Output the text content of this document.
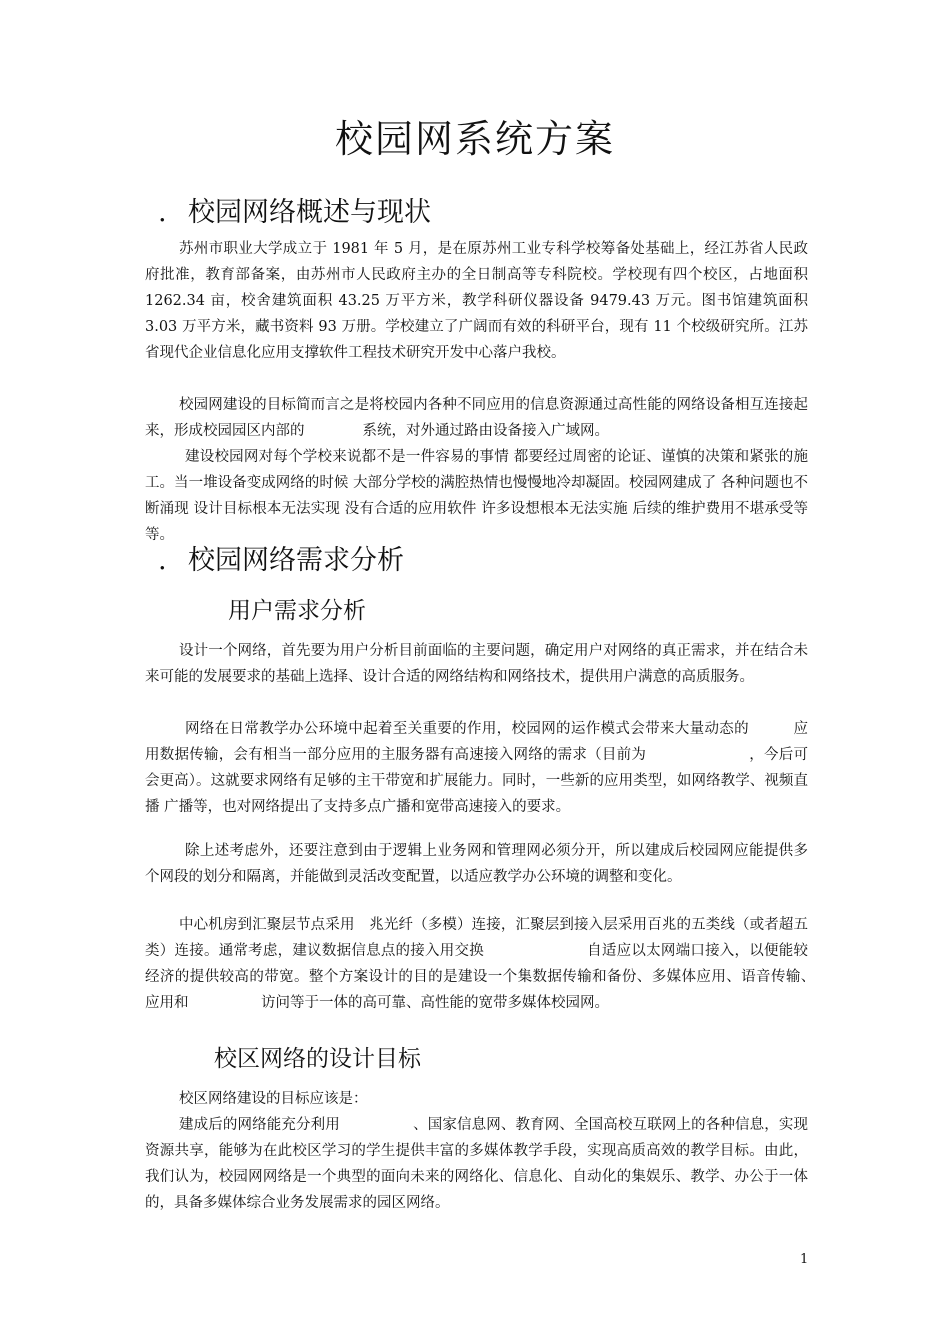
校园网系统方案
. 校园网络概述与现状

苏州市职业大学成立于 1981 年 5 月，是在原苏州工业专科学校筹备处基础上，经江苏省人民政府批准，教育部备案，由苏州市人民政府主办的全日制高等专科院校。学校现有四个校区，占地面积 1262.34 亩，校舍建筑面积 43.25 万平方米，教学科研仪器设备 9479.43 万元。图书馆建筑面积 3.03 万平方米，藏书资料 93 万册。学校建立了广阔而有效的科研平台，现有 11 个校级研究所。江苏省现代企业信息化应用支撑软件工程技术研究开发中心落户我校。

校园网建设的目标简而言之是将校园内各种不同应用的信息资源通过高性能的网络设备相互连接起来，形成校园园区内部的　　　　系统，对外通过路由设备接入广域网。

建设校园网对每个学校来说都不是一件容易的事情 都要经过周密的论证、谨慎的决策和紧张的施工。当一堆设备变成网络的时候 大部分学校的满腔热情也慢慢地冷却凝固。校园网建成了 各种问题也不断涌现 设计目标根本无法实现 没有合适的应用软件 许多设想根本无法实施 后续的维护费用不堪承受等等。

. 校园网络需求分析
用户需求分析

设计一个网络，首先要为用户分析目前面临的主要问题，确定用户对网络的真正需求，并在结合未来可能的发展要求的基础上选择、设计合适的网络结构和网络技术，提供用户满意的高质服务。

网络在日常教学办公环境中起着至关重要的作用，校园网的运作模式会带来大量动态的　　　应用数据传输，会有相当一部分应用的主服务器有高速接入网络的需求（目前为　　　　　　　，今后可会更高）。这就要求网络有足够的主干带宽和扩展能力。同时，一些新的应用类型，如网络教学、视频直播 广播等，也对网络提出了支持多点广播和宽带高速接入的要求。

除上述考虑外，还要注意到由于逻辑上业务网和管理网必须分开，所以建成后校园网应能提供多个网段的划分和隔离，并能做到灵活改变配置，以适应教学办公环境的调整和变化。

中心机房到汇聚层节点采用　兆光纤（多模）连接，汇聚层到接入层采用百兆的五类线（或者超五类）连接。通常考虑，建议数据信息点的接入用交换　　　　　　　自适应以太网端口接入，以便能较经济的提供较高的带宽。整个方案设计的目的是建设一个集数据传输和备份、多媒体应用、语音传输、　应用和　　　　　访问等于一体的高可靠、高性能的宽带多媒体校园网。

校区网络的设计目标

校区网络建设的目标应该是：

建成后的网络能充分利用　　　　　、国家信息网、教育网、全国高校互联网上的各种信息，实现资源共享，能够为在此校区学习的学生提供丰富的多媒体教学手段，实现高质高效的教学目标。由此，我们认为，校园网网络是一个典型的面向未来的网络化、信息化、自动化的集娱乐、教学、办公于一体的，具备多媒体综合业务发展需求的园区网络。

1
